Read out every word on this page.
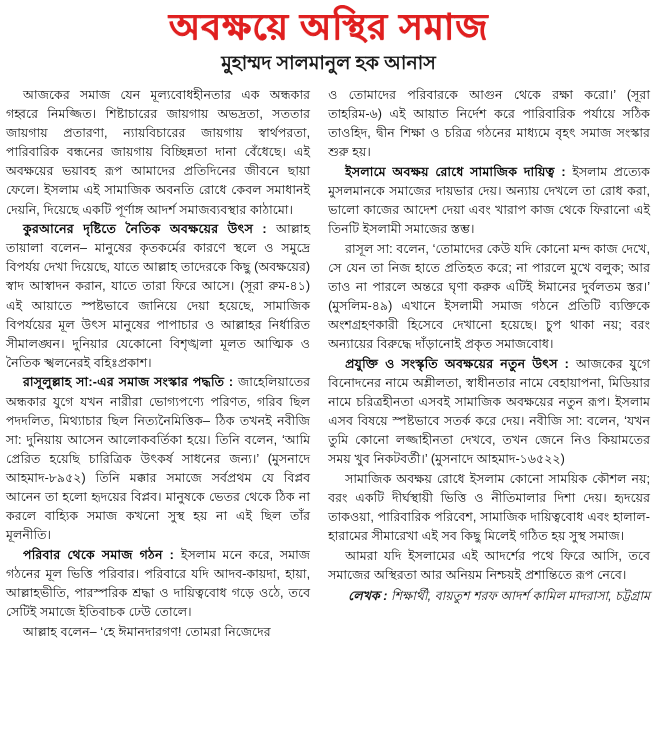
অবক্ষয়ে অস্থির সমাজ
মুহাম্মদ সালমানুল হক আনাস

আজকের সমাজ যেন মূল্যবোধহীনতার এক অন্ধকার গহ্বরে নিমজ্জিত। শিষ্টাচারের জায়গায় অভদ্রতা, সততার জায়গায় প্রতারণা, ন্যায়বিচারের জায়গায় স্বার্থপরতা, পারিবারিক বন্ধনের জায়গায় বিচ্ছিন্নতা দানা বেঁধেছে। এই অবক্ষয়ের ভয়াবহ রূপ আমাদের প্রতিদিনের জীবনে ছায়া ফেলে। ইসলাম এই সামাজিক অবনতি রোধে কেবল সমাধানই দেয়নি, দিয়েছে একটি পূর্ণাঙ্গ আদর্শ সমাজব্যবস্থার কাঠামো।

কুরআনের দৃষ্টিতে নৈতিক অবক্ষয়ের উৎস : আল্লাহ তায়ালা বলেন– মানুষের কৃতকর্মের কারণে স্থলে ও সমুদ্রে বিপর্যয় দেখা দিয়েছে, যাতে আল্লাহ তাদেরকে কিছু (অবক্ষয়ের) স্বাদ আস্বাদন করান, যাতে তারা ফিরে আসে। (সূরা রুম-৪১) এই আয়াতে স্পষ্টভাবে জানিয়ে দেয়া হয়েছে, সামাজিক বিপর্যয়ের মূল উৎস মানুষের পাপাচার ও আল্লাহর নির্ধারিত সীমালঙ্ঘন। দুনিয়ার যেকোনো বিশৃঙ্খলা মূলত আত্মিক ও নৈতিক স্খলনেরই বহিঃপ্রকাশ।

রাসূলুল্লাহ সা:-এর সমাজ সংস্কার পদ্ধতি : জাহেলিয়াতের অন্ধকার যুগে যখন নারীরা ভোগ্যপণ্যে পরিণত, গরিব ছিল পদদলিত, মিথ্যাচার ছিল নিত্যনৈমিত্তিক– ঠিক তখনই নবীজি সা: দুনিয়ায় আসেন আলোকবর্তিকা হয়ে। তিনি বলেন, ‘আমি প্রেরিত হয়েছি চারিত্রিক উৎকর্ষ সাধনের জন্য।’ (মুসনাদে আহমাদ-৮৯৫২) তিনি মক্কার সমাজে সর্বপ্রথম যে বিপ্লব আনেন তা হলো হৃদয়ের বিপ্লব। মানুষকে ভেতর থেকে ঠিক না করলে বাহ্যিক সমাজ কখনো সুস্থ হয় না এই ছিল তাঁর মূলনীতি।

পরিবার থেকে সমাজ গঠন : ইসলাম মনে করে, সমাজ গঠনের মূল ভিত্তি পরিবার। পরিবারে যদি আদব-কায়দা, হায়া, আল্লাহভীতি, পারস্পরিক শ্রদ্ধা ও দায়িত্ববোধ গড়ে ওঠে, তবে সেটিই সমাজে ইতিবাচক ঢেউ তোলে।

আল্লাহ বলেন– ‘হে ঈমানদারগণ! তোমরা নিজেদের

ও তোমাদের পরিবারকে আগুন থেকে রক্ষা করো।’ (সূরা তাহরিম-৬) এই আয়াত নির্দেশ করে পারিবারিক পর্যায়ে সঠিক তাওহিদ, দ্বীন শিক্ষা ও চরিত্র গঠনের মাধ্যমে বৃহৎ সমাজ সংস্কার শুরু হয়।

ইসলামে অবক্ষয় রোধে সামাজিক দায়িত্ব : ইসলাম প্রত্যেক মুসলমানকে সমাজের দায়ভার দেয়। অন্যায় দেখলে তা রোধ করা, ভালো কাজের আদেশ দেয়া এবং খারাপ কাজ থেকে ফিরানো এই তিনটি ইসলামী সমাজের স্তম্ভ।

রাসূল সা: বলেন, ‘তোমাদের কেউ যদি কোনো মন্দ কাজ দেখে, সে যেন তা নিজ হাতে প্রতিহত করে; না পারলে মুখে বলুক; আর তাও না পারলে অন্তরে ঘৃণা করুক এটিই ঈমানের দুর্বলতম স্তর।’ (মুসলিম-৪৯) এখানে ইসলামী সমাজ গঠনে প্রতিটি ব্যক্তিকে অংশগ্রহণকারী হিসেবে দেখানো হয়েছে। চুপ থাকা নয়; বরং অন্যায়ের বিরুদ্ধে দাঁড়ানোই প্রকৃত সমাজবোধ।

প্রযুক্তি ও সংস্কৃতি অবক্ষয়ের নতুন উৎস : আজকের যুগে বিনোদনের নামে অশ্লীলতা, স্বাধীনতার নামে বেহায়াপনা, মিডিয়ার নামে চরিত্রহীনতা এসবই সামাজিক অবক্ষয়ের নতুন রূপ। ইসলাম এসব বিষয়ে স্পষ্টভাবে সতর্ক করে দেয়। নবীজি সা: বলেন, ‘যখন তুমি কোনো লজ্জাহীনতা দেখবে, তখন জেনে নিও কিয়ামতের সময় খুব নিকটবর্তী।’ (মুসনাদে আহমাদ-১৬৫২২)

সামাজিক অবক্ষয় রোধে ইসলাম কোনো সাময়িক কৌশল নয়; বরং একটি দীর্ঘস্থায়ী ভিত্তি ও নীতিমালার দিশা দেয়। হৃদয়ের তাকওয়া, পারিবারিক পরিবেশ, সামাজিক দায়িত্ববোধ এবং হালাল-হারামের সীমারেখা এই সব কিছু মিলেই গঠিত হয় সুস্থ সমাজ।

আমরা যদি ইসলামের এই আদর্শের পথে ফিরে আসি, তবে সমাজের অস্থিরতা আর অনিয়ম নিশ্চয়ই প্রশান্তিতে রূপ নেবে।

লেখক : শিক্ষার্থী, বায়তুশ শরফ আদর্শ কামিল মাদরাসা, চট্টগ্রাম
